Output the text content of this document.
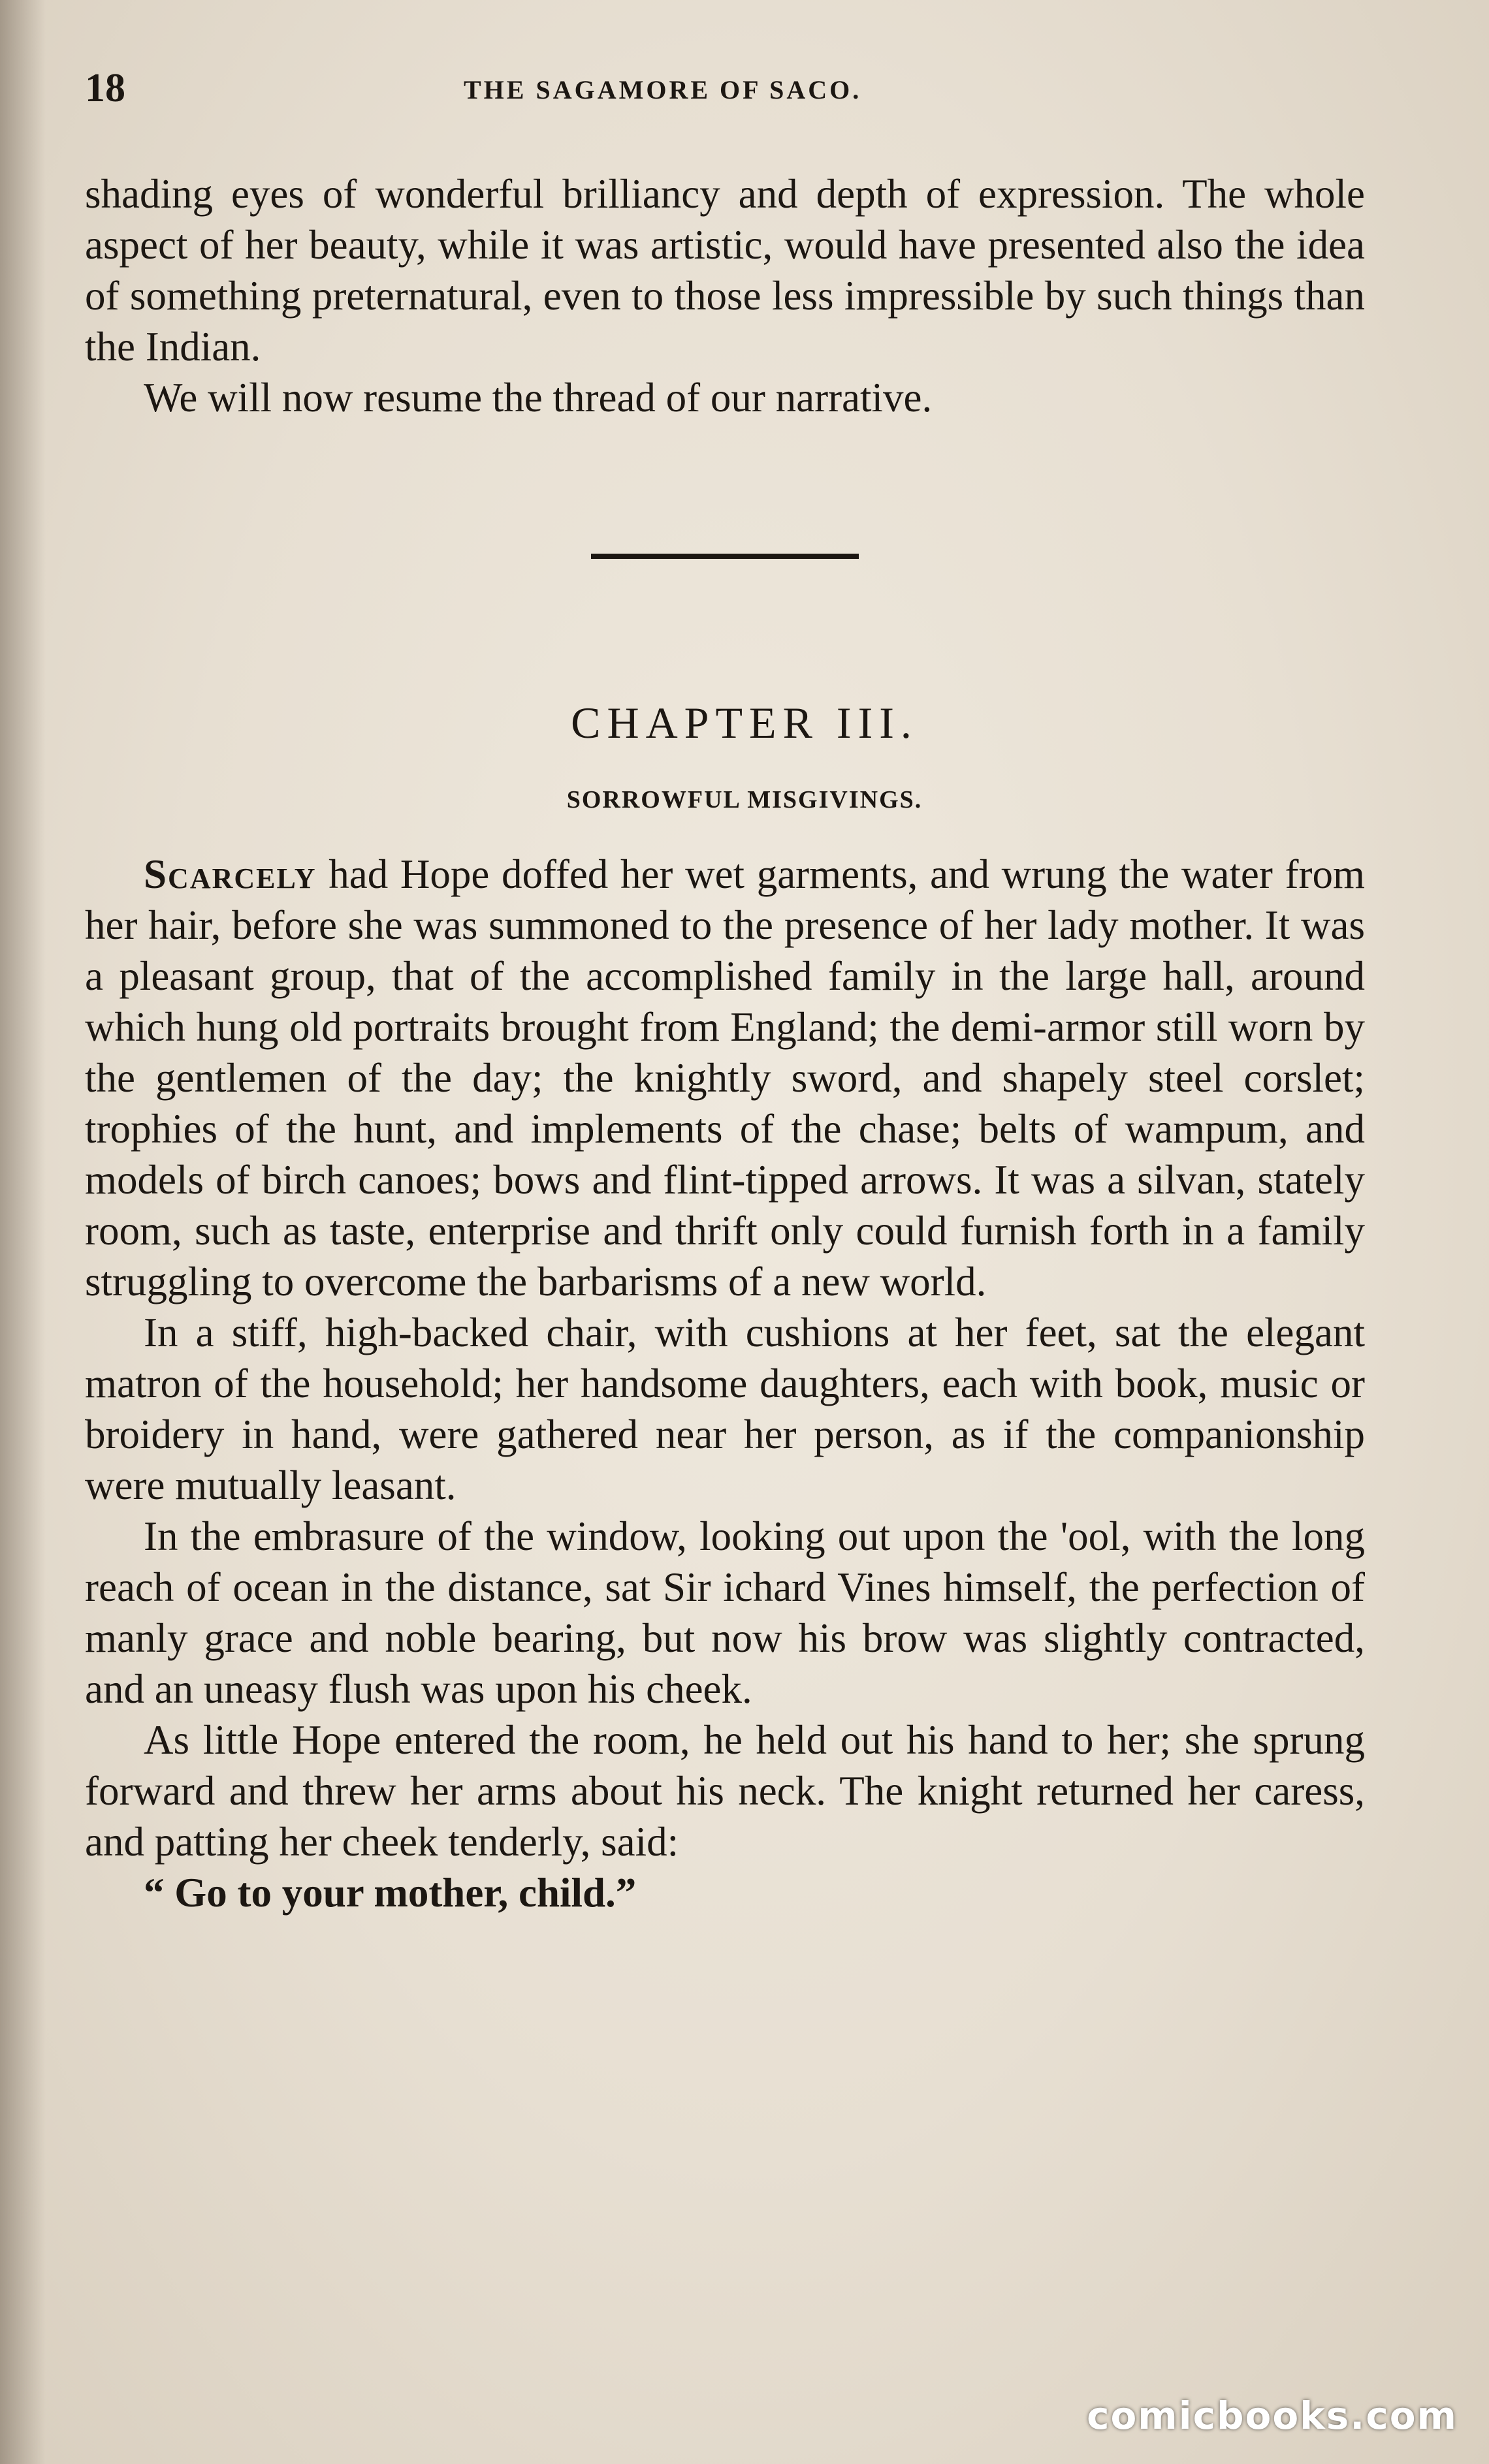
18	THE SAGAMORE OF SACO.

shading eyes of wonderful brilliancy and depth of expression. The whole aspect of her beauty, while it was artistic, would have presented also the idea of something preternatural, even to those less impressible by such things than the Indian.

We will now resume the thread of our narrative.

CHAPTER III.
SORROWFUL MISGIVINGS.

Scarcely had Hope doffed her wet garments, and wrung the water from her hair, before she was summoned to the presence of her lady mother. It was a pleasant group, that of the accomplished family in the large hall, around which hung old portraits brought from England; the demi-armor still worn by the gentlemen of the day; the knightly sword, and shapely steel corslet; trophies of the hunt, and implements of the chase; belts of wampum, and models of birch canoes; bows and flint-tipped arrows. It was a silvan, stately room, such as taste, enterprise and thrift only could furnish forth in a family struggling to overcome the barbarisms of a new world.

In a stiff, high-backed chair, with cushions at her feet, sat the elegant matron of the household; her handsome daughters, each with book, music or broidery in hand, were gathered near her person, as if the companionship were mutually leasant.

In the embrasure of the window, looking out upon the 'ool, with the long reach of ocean in the distance, sat Sir ichard Vines himself, the perfection of manly grace and noble bearing, but now his brow was slightly contracted, and an uneasy flush was upon his cheek.

As little Hope entered the room, he held out his hand to her; she sprung forward and threw her arms about his neck. The knight returned her caress, and patting her cheek tenderly, said:

“ Go to your mother, child.”

comicbooks.com
